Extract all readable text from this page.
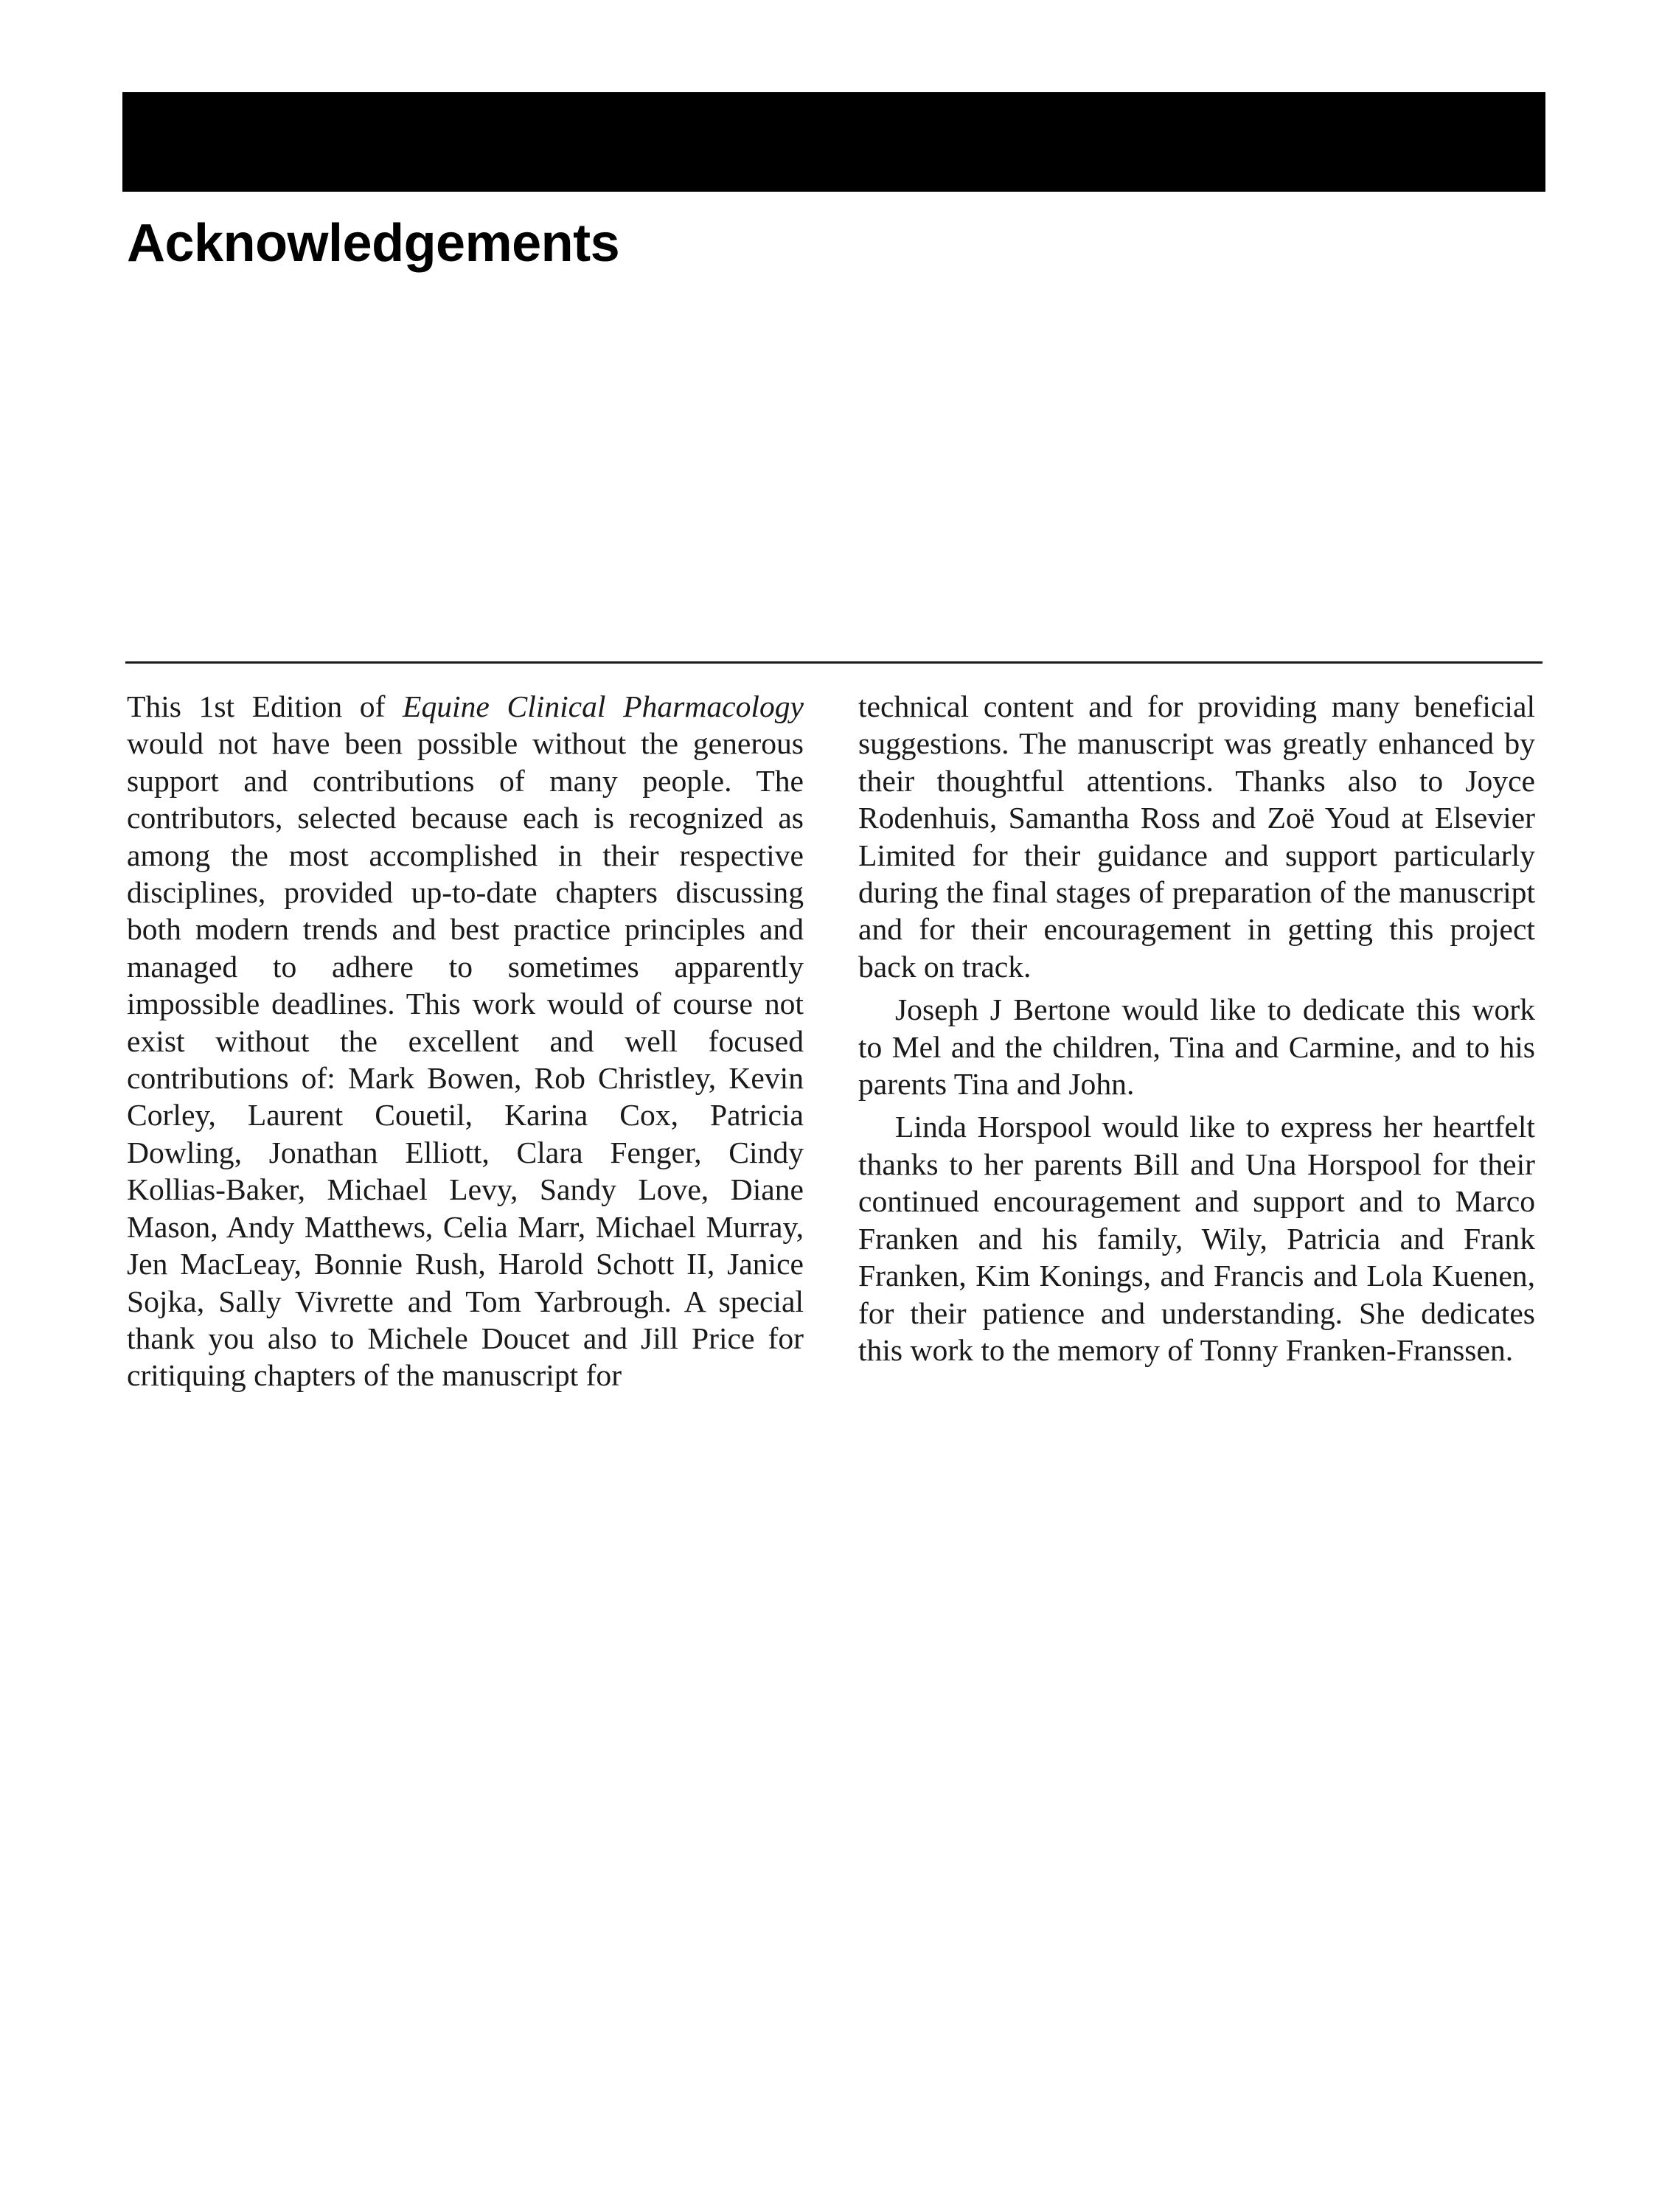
Acknowledgements

This 1st Edition of Equine Clinical Pharmacology would not have been possible without the generous support and contributions of many people. The contributors, selected because each is recognized as among the most accomplished in their respective disciplines, provided up-to-date chapters discussing both modern trends and best practice principles and managed to adhere to sometimes apparently impossible deadlines. This work would of course not exist without the excellent and well focused contributions of: Mark Bowen, Rob Christley, Kevin Corley, Laurent Couetil, Karina Cox, Patricia Dowling, Jonathan Elliott, Clara Fenger, Cindy Kollias-Baker, Michael Levy, Sandy Love, Diane Mason, Andy Matthews, Celia Marr, Michael Murray, Jen MacLeay, Bonnie Rush, Harold Schott II, Janice Sojka, Sally Vivrette and Tom Yarbrough. A special thank you also to Michele Doucet and Jill Price for critiquing chapters of the manuscript for

technical content and for providing many beneficial suggestions. The manuscript was greatly enhanced by their thoughtful attentions. Thanks also to Joyce Rodenhuis, Samantha Ross and Zoë Youd at Elsevier Limited for their guidance and support particularly during the final stages of preparation of the manuscript and for their encouragement in getting this project back on track.

Joseph J Bertone would like to dedicate this work to Mel and the children, Tina and Carmine, and to his parents Tina and John.

Linda Horspool would like to express her heartfelt thanks to her parents Bill and Una Horspool for their continued encouragement and support and to Marco Franken and his family, Wily, Patricia and Frank Franken, Kim Konings, and Francis and Lola Kuenen, for their patience and understanding. She dedicates this work to the memory of Tonny Franken-Franssen.
